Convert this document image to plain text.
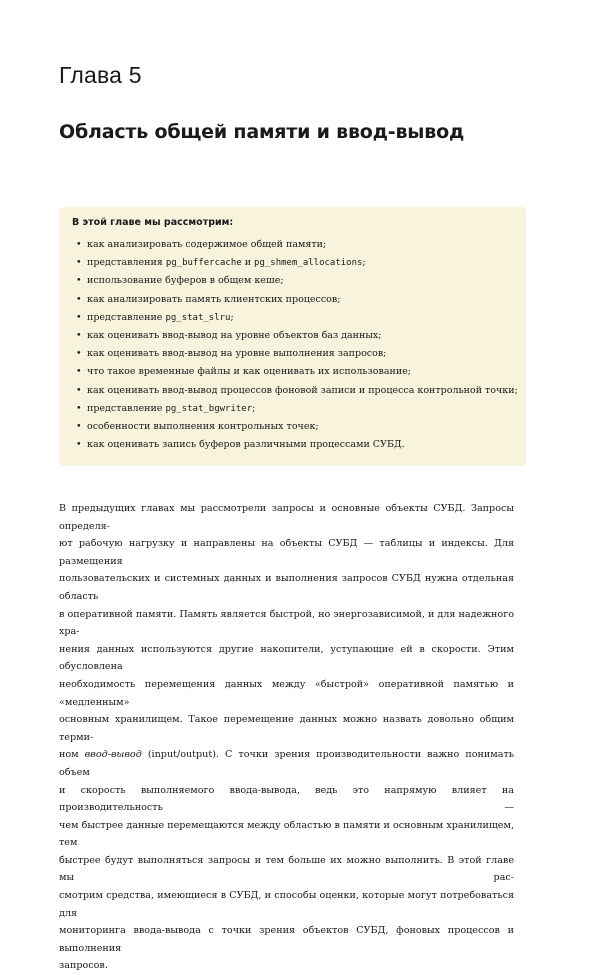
Глава 5
Область общей памяти и ввод-вывод
В этой главе мы рассмотрим:
• как анализировать содержимое общей памяти;
• представления pg_buffercache и pg_shmem_allocations;
• использование буферов в общем кеше;
• как анализировать память клиентских процессов;
• представление pg_stat_slru;
• как оценивать ввод-вывод на уровне объектов баз данных;
• как оценивать ввод-вывод на уровне выполнения запросов;
• что такое временные файлы и как оценивать их использование;
• как оценивать ввод-вывод процессов фоновой записи и процесса контрольной точки;
• представление pg_stat_bgwriter;
• особенности выполнения контрольных точек;
• как оценивать запись буферов различными процессами СУБД.
В предыдущих главах мы рассмотрели запросы и основные объекты СУБД. Запросы определя-
ют рабочую нагрузку и направлены на объекты СУБД — таблицы и индексы. Для размещения
пользовательских и системных данных и выполнения запросов СУБД нужна отдельная область
в оперативной памяти. Память является быстрой, но энергозависимой, и для надежного хра-
нения данных используются другие накопители, уступающие ей в скорости. Этим обусловлена
необходимость перемещения данных между «быстрой» оперативной памятью и «медленным»
основным хранилищем. Такое перемещение данных можно назвать довольно общим терми-
ном ввод-вывод (input/output). С точки зрения производительности важно понимать объем
и скорость выполняемого ввода-вывода, ведь это напрямую влияет на производительность —
чем быстрее данные перемещаются между областью в памяти и основным хранилищем, тем
быстрее будут выполняться запросы и тем больше их можно выполнить. В этой главе мы рас-
смотрим средства, имеющиеся в СУБД, и способы оценки, которые могут потребоваться для
мониторинга ввода-вывода с точки зрения объектов СУБД, фоновых процессов и выполнения
запросов.
